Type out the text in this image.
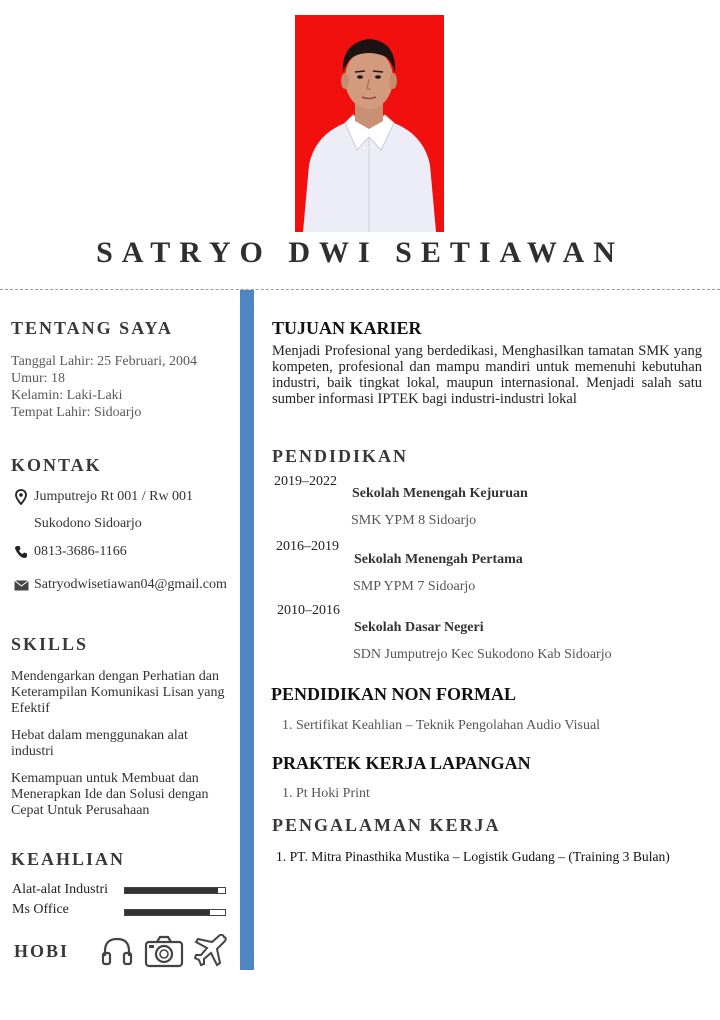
SATRYO DWI SETIAWAN
TENTANG SAYA
Tanggal Lahir: 25 Februari, 2004
Umur: 18
Kelamin: Laki-Laki
Tempat Lahir: Sidoarjo
KONTAK
Jumputrejo Rt 001 / Rw 001
Sukodono Sidoarjo
0813-3686-1166
Satryodwisetiawan04@gmail.com
SKILLS

Mendengarkan dengan Perhatian dan Keterampilan Komunikasi Lisan yang Efektif

Hebat dalam menggunakan alat industri

Kemampuan untuk Membuat dan Menerapkan Ide dan Solusi dengan Cepat Untuk Perusahaan

KEAHLIAN
Alat-alat Industri
Ms Office
HOBI
TUJUAN KARIER
Menjadi Profesional yang berdedikasi, Menghasilkan tamatan SMK yang kompeten, profesional dan mampu mandiri untuk memenuhi kebutuhan industri, baik tingkat lokal, maupun internasional. Menjadi salah satu sumber informasi IPTEK bagi industri-industri lokal
PENDIDIKAN
2019–2022
Sekolah Menengah Kejuruan
SMK YPM 8 Sidoarjo
2016–2019
Sekolah Menengah Pertama
SMP YPM 7 Sidoarjo
2010–2016
Sekolah Dasar Negeri
SDN Jumputrejo Kec Sukodono Kab Sidoarjo
PENDIDIKAN NON FORMAL
1. Sertifikat Keahlian – Teknik Pengolahan Audio Visual
PRAKTEK KERJA LAPANGAN
1. Pt Hoki Print
PENGALAMAN KERJA
1. PT. Mitra Pinasthika Mustika – Logistik Gudang – (Training 3 Bulan)
